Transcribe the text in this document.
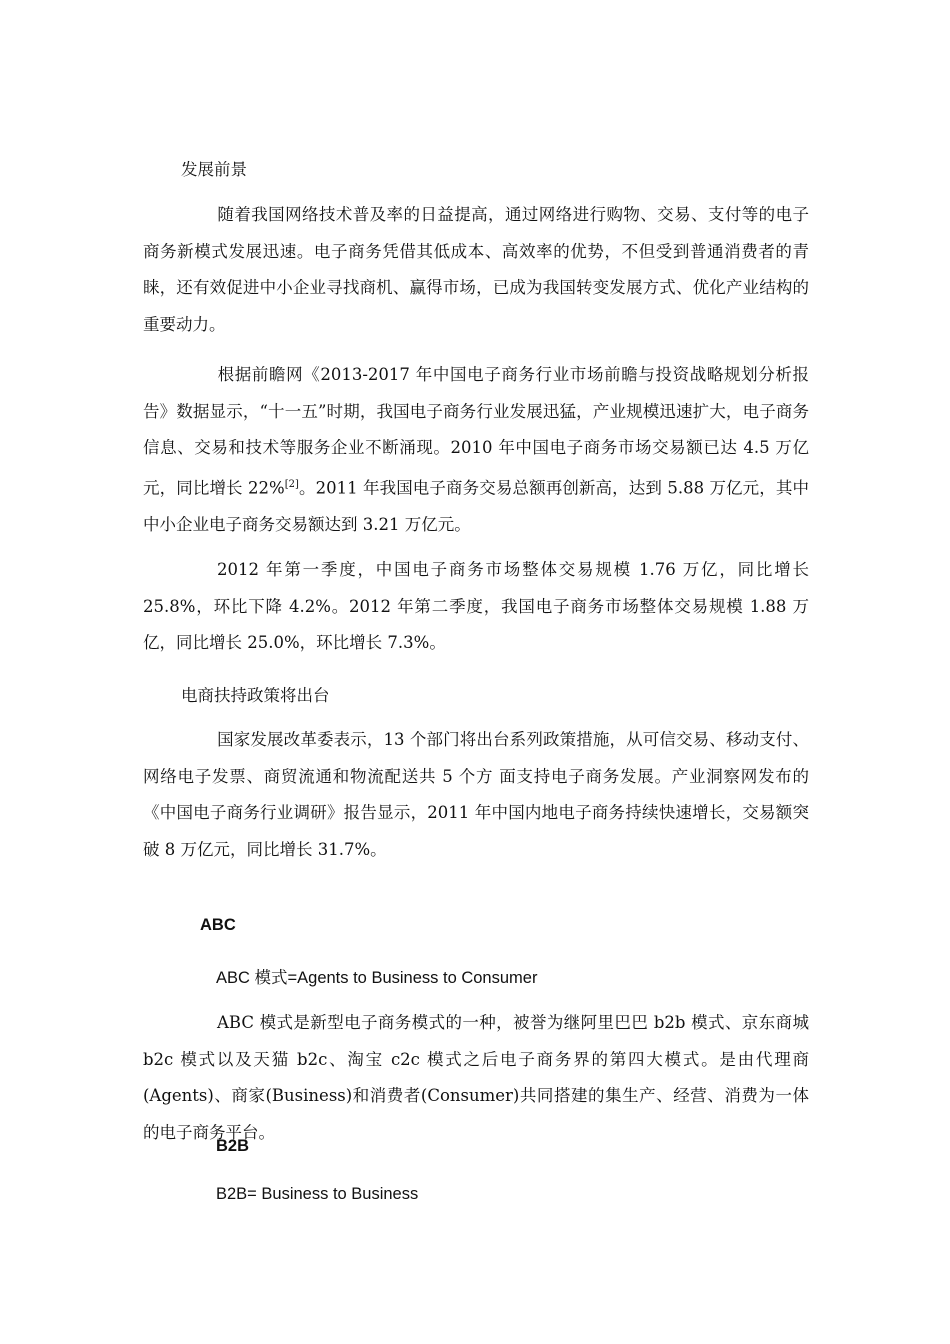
发展前景

随着我国网络技术普及率的日益提高，通过网络进行购物、交易、支付等的电子商务新模式发展迅速。电子商务凭借其低成本、高效率的优势，不但受到普通消费者的青睐，还有效促进中小企业寻找商机、赢得市场，已成为我国转变发展方式、优化产业结构的重要动力。

根据前瞻网《2013-2017 年中国电子商务行业市场前瞻与投资战略规划分析报告》数据显示，“十一五”时期，我国电子商务行业发展迅猛，产业规模迅速扩大，电子商务信息、交易和技术等服务企业不断涌现。2010 年中国电子商务市场交易额已达 4.5 万亿元，同比增长 22%[2]。2011 年我国电子商务交易总额再创新高，达到 5.88 万亿元，其中中小企业电子商务交易额达到 3.21 万亿元。

2012 年第一季度，中国电子商务市场整体交易规模 1.76 万亿，同比增长 25.8%，环比下降 4.2%。2012 年第二季度，我国电子商务市场整体交易规模 1.88 万亿，同比增长 25.0%，环比增长 7.3%。

电商扶持政策将出台

国家发展改革委表示，13 个部门将出台系列政策措施，从可信交易、移动支付、网络电子发票、商贸流通和物流配送共 5 个方 面支持电子商务发展。产业洞察网发布的《中国电子商务行业调研》报告显示，2011 年中国内地电子商务持续快速增长，交易额突破 8 万亿元，同比增长 31.7%。

ABC
ABC 模式=Agents to Business to Consumer

ABC 模式是新型电子商务模式的一种，被誉为继阿里巴巴 b2b 模式、京东商城 b2c 模式以及天猫 b2c、淘宝 c2c 模式之后电子商务界的第四大模式。是由代理商(Agents)、商家(Business)和消费者(Consumer)共同搭建的集生产、经营、消费为一体的电子商务平台。

B2B
B2B= Business to Business
